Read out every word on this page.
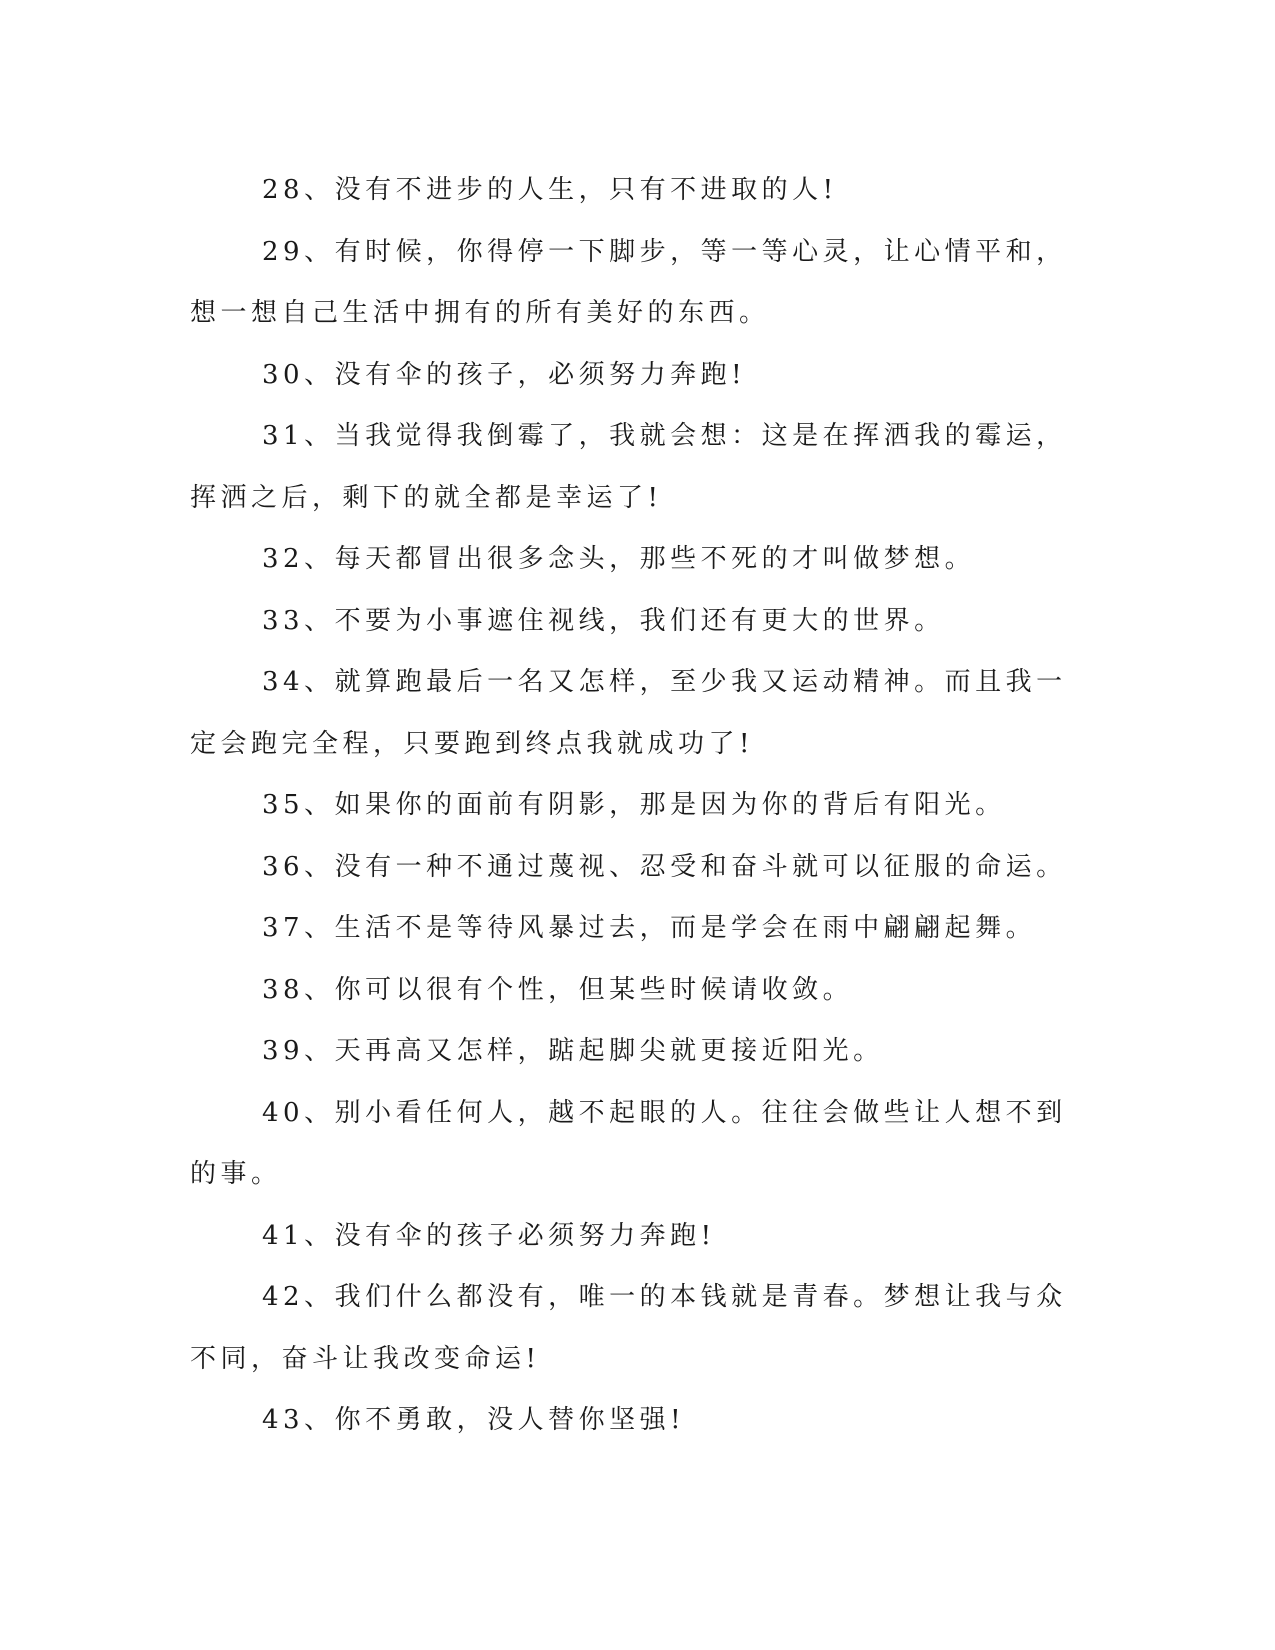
28、没有不进步的人生，只有不进取的人!

29、有时候，你得停一下脚步，等一等心灵，让心情平和，想一想自己生活中拥有的所有美好的东西。

30、没有伞的孩子，必须努力奔跑!

31、当我觉得我倒霉了，我就会想：这是在挥洒我的霉运，挥洒之后，剩下的就全都是幸运了!

32、每天都冒出很多念头，那些不死的才叫做梦想。

33、不要为小事遮住视线，我们还有更大的世界。

34、就算跑最后一名又怎样，至少我又运动精神。而且我一定会跑完全程，只要跑到终点我就成功了!

35、如果你的面前有阴影，那是因为你的背后有阳光。

36、没有一种不通过蔑视、忍受和奋斗就可以征服的命运。

37、生活不是等待风暴过去，而是学会在雨中翩翩起舞。

38、你可以很有个性，但某些时候请收敛。

39、天再高又怎样，踮起脚尖就更接近阳光。

40、别小看任何人，越不起眼的人。往往会做些让人想不到的事。

41、没有伞的孩子必须努力奔跑!

42、我们什么都没有，唯一的本钱就是青春。梦想让我与众不同，奋斗让我改变命运!

43、你不勇敢，没人替你坚强!
